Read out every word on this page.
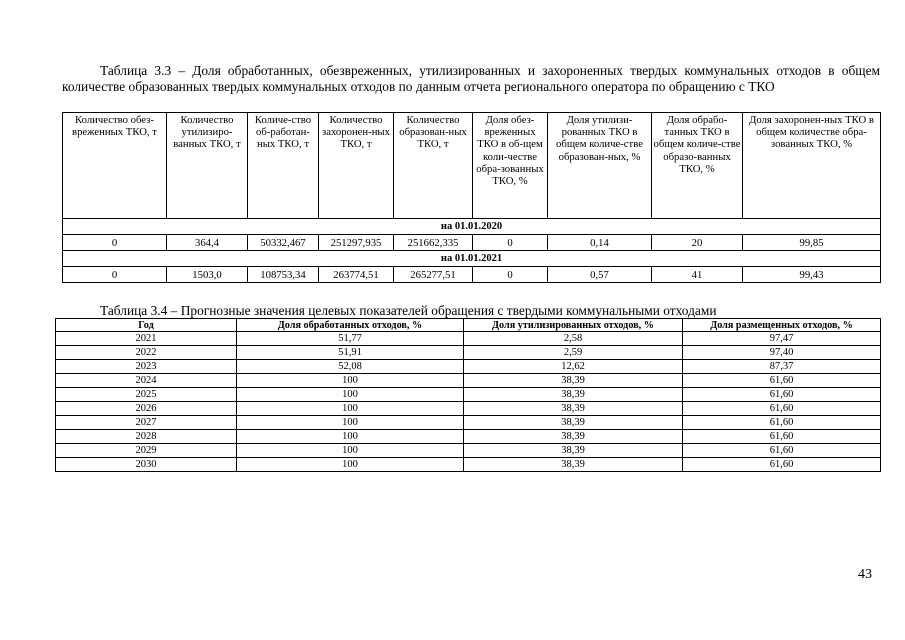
Таблица 3.3 – Доля обработанных, обезвреженных, утилизированных и захороненных твердых коммунальных отходов в общем количестве образованных твердых коммунальных отходов по данным отчета регионального оператора по обращению с ТКО

Количество обез-вреженных ТКО, т	Количество утилизиро-ванных ТКО, т	Количе-ство об-работан-ных ТКО, т	Количество захоронен-ных ТКО, т	Количество образован-ных ТКО, т	Доля обез-вреженных ТКО в об-щем коли-честве обра-зованных ТКО, %	Доля утилизи-рованных ТКО в общем количе-стве образован-ных, %	Доля обрабо-танных ТКО в общем количе-стве образо-ванных ТКО, %	Доля захоронен-ных ТКО в общем количестве обра-зованных ТКО, %
на 01.01.2020								
0	364,4	50332,467	251297,935	251662,335	0	0,14	20	99,85
на 01.01.2021								
0	1503,0	108753,34	263774,51	265277,51	0	0,57	41	99,43

Таблица 3.4 – Прогнозные значения целевых показателей обращения с твердыми коммунальными отходами

Год	Доля обработанных отходов, %	Доля утилизированных отходов, %	Доля размещенных отходов, %
2021	51,77	2,58	97,47
2022	51,91	2,59	97,40
2023	52,08	12,62	87,37
2024	100	38,39	61,60
2025	100	38,39	61,60
2026	100	38,39	61,60
2027	100	38,39	61,60
2028	100	38,39	61,60
2029	100	38,39	61,60
2030	100	38,39	61,60
43
